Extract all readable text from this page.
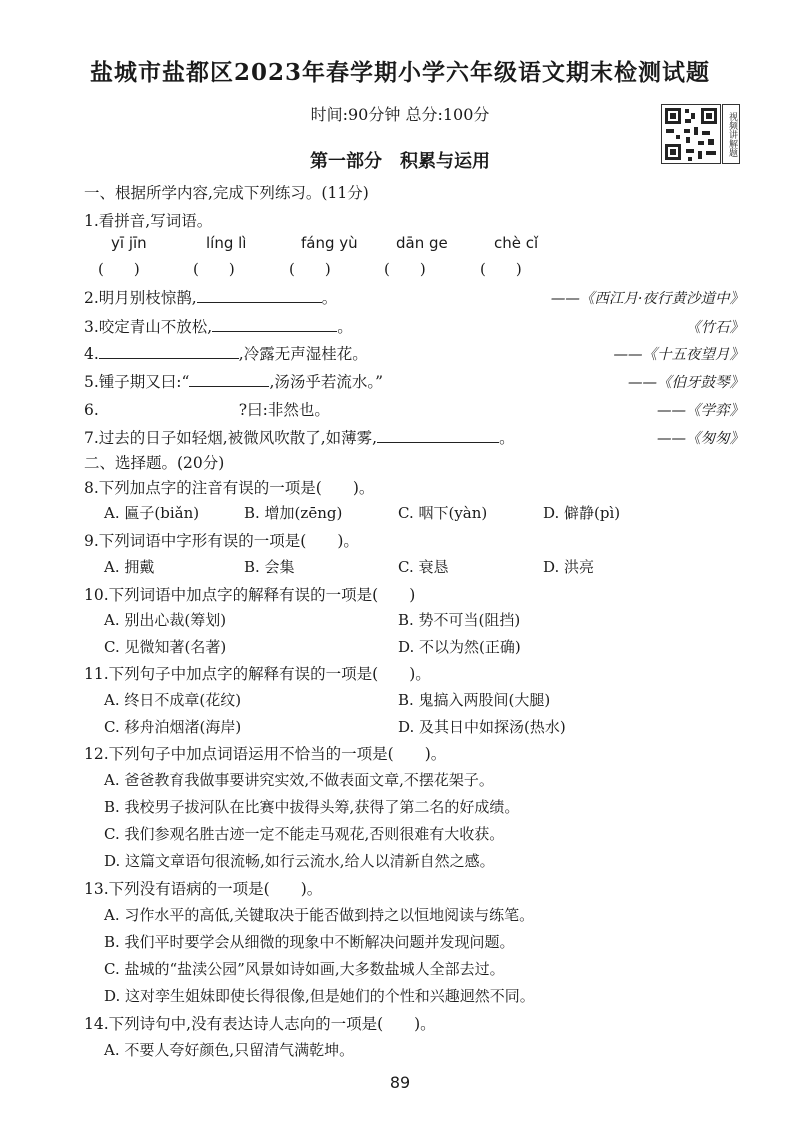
盐城市盐都区2023年春学期小学六年级语文期末检测试题
时间:90分钟 总分:100分	视频讲解题
第一部分　积累与运用
一、根据所学内容,完成下列练习。(11分)
1.看拼音,写词语。
yī jīn	líng lì	fáng yù	dān ge	chè cǐ
(　　)	(　　)	(　　)	(　　)	(　　)
2.明月别枝惊鹊,	。	——《西江月·夜行黄沙道中》
3.咬定青山不放松,	。	《竹石》
4.	,冷露无声湿桂花。	——《十五夜望月》
5.锺子期又曰:“	,汤汤乎若流水。”	——《伯牙鼓琴》
6.	?曰:非然也。	——《学弈》
7.过去的日子如轻烟,被微风吹散了,如薄雾,	。	——《匆匆》
二、选择题。(20分)
8.下列加点字的注音有误的一项是(　　)。
A. 匾子(biǎn)	B. 增加(zēng)	C. 咽下(yàn)	D. 僻静(pì)
9.下列词语中字形有误的一项是(　　)。
A. 拥戴	B. 会集	C. 衰恳	D. 洪亮
10.下列词语中加点字的解释有误的一项是(　　)
A. 别出心裁(筹划)	B. 势不可当(阻挡)
C. 见微知著(名著)	D. 不以为然(正确)
11.下列句子中加点字的解释有误的一项是(　　)。
A. 终日不成章(花纹)	B. 鬼搞入两股间(大腿)
C. 移舟泊烟渚(海岸)	D. 及其日中如探汤(热水)
12.下列句子中加点词语运用不恰当的一项是(　　)。
A. 爸爸教育我做事要讲究实效,不做表面文章,不摆花架子。
B. 我校男子拔河队在比赛中拔得头筹,获得了第二名的好成绩。
C. 我们参观名胜古迹一定不能走马观花,否则很难有大收获。
D. 这篇文章语句很流畅,如行云流水,给人以清新自然之感。
13.下列没有语病的一项是(　　)。
A. 习作水平的高低,关键取决于能否做到持之以恒地阅读与练笔。
B. 我们平时要学会从细微的现象中不断解决问题并发现问题。
C. 盐城的“盐渎公园”风景如诗如画,大多数盐城人全部去过。
D. 这对孪生姐妹即使长得很像,但是她们的个性和兴趣迥然不同。
14.下列诗句中,没有表达诗人志向的一项是(　　)。
A. 不要人夸好颜色,只留清气满乾坤。
89
